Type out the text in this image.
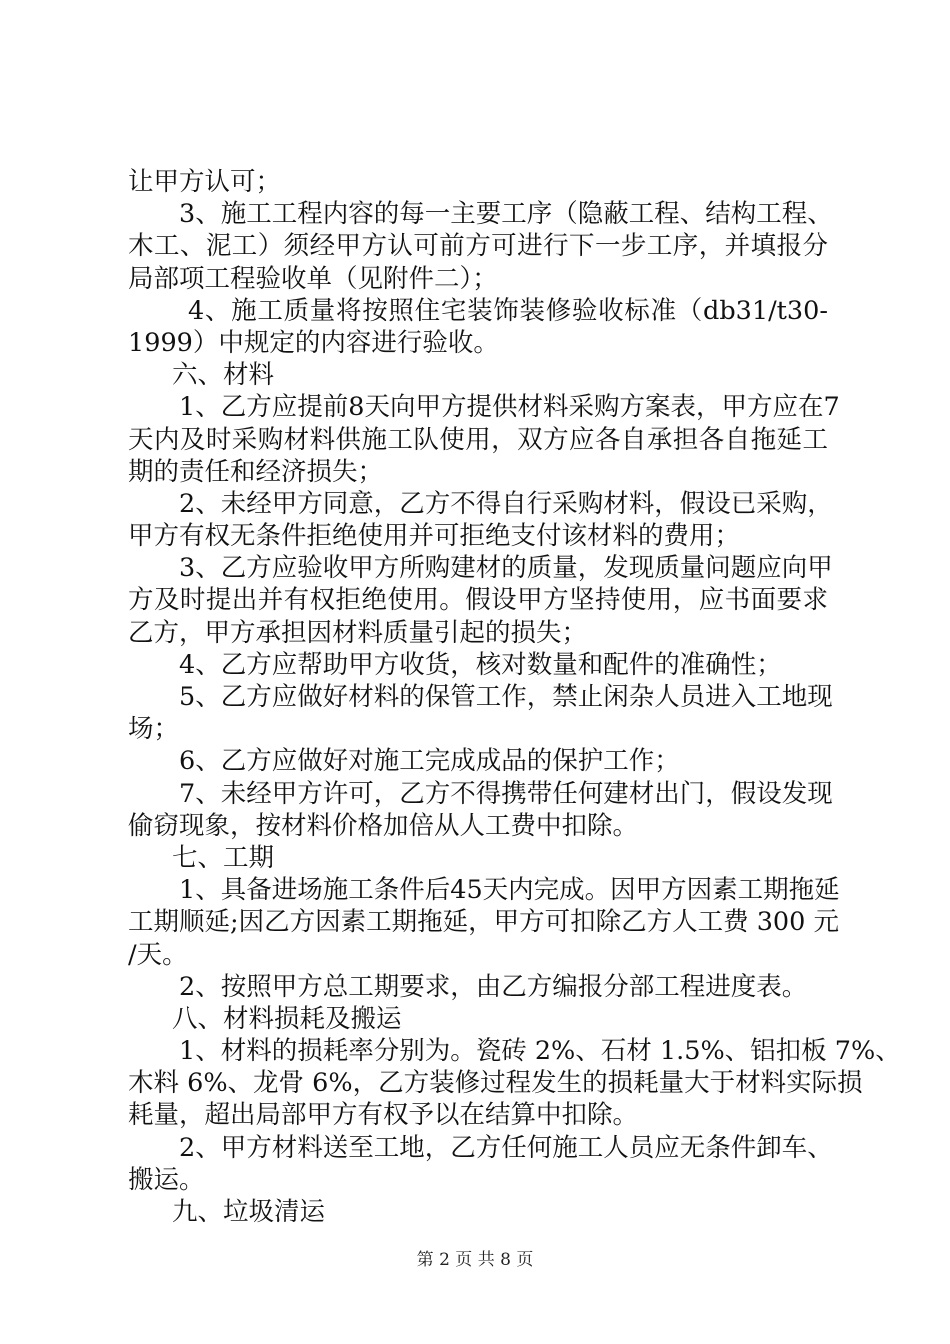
让甲方认可；
3、施工工程内容的每一主要工序（隐蔽工程、结构工程、
木工、泥工）须经甲方认可前方可进行下一步工序，并填报分
局部项工程验收单（见附件二）；
4、施工质量将按照住宅装饰装修验收标准（db31/t30-
1999）中规定的内容进行验收。
六、材料
1、乙方应提前8天向甲方提供材料采购方案表，甲方应在7
天内及时采购材料供施工队使用，双方应各自承担各自拖延工
期的责任和经济损失；
2、未经甲方同意，乙方不得自行采购材料，假设已采购，
甲方有权无条件拒绝使用并可拒绝支付该材料的费用；
3、乙方应验收甲方所购建材的质量，发现质量问题应向甲
方及时提出并有权拒绝使用。假设甲方坚持使用，应书面要求
乙方，甲方承担因材料质量引起的损失；
4、乙方应帮助甲方收货，核对数量和配件的准确性；
5、乙方应做好材料的保管工作，禁止闲杂人员进入工地现
场；
6、乙方应做好对施工完成成品的保护工作；
7、未经甲方许可，乙方不得携带任何建材出门，假设发现
偷窃现象，按材料价格加倍从人工费中扣除。
七、工期
1、具备进场施工条件后45天内完成。因甲方因素工期拖延
工期顺延;因乙方因素工期拖延，甲方可扣除乙方人工费 300 元
/天。
2、按照甲方总工期要求，由乙方编报分部工程进度表。
八、材料损耗及搬运
1、材料的损耗率分别为。瓷砖 2%、石材 1.5%、铝扣板 7%、
木料 6%、龙骨 6%，乙方装修过程发生的损耗量大于材料实际损
耗量，超出局部甲方有权予以在结算中扣除。
2、甲方材料送至工地，乙方任何施工人员应无条件卸车、
搬运。
九、垃圾清运
第 2 页 共 8 页
